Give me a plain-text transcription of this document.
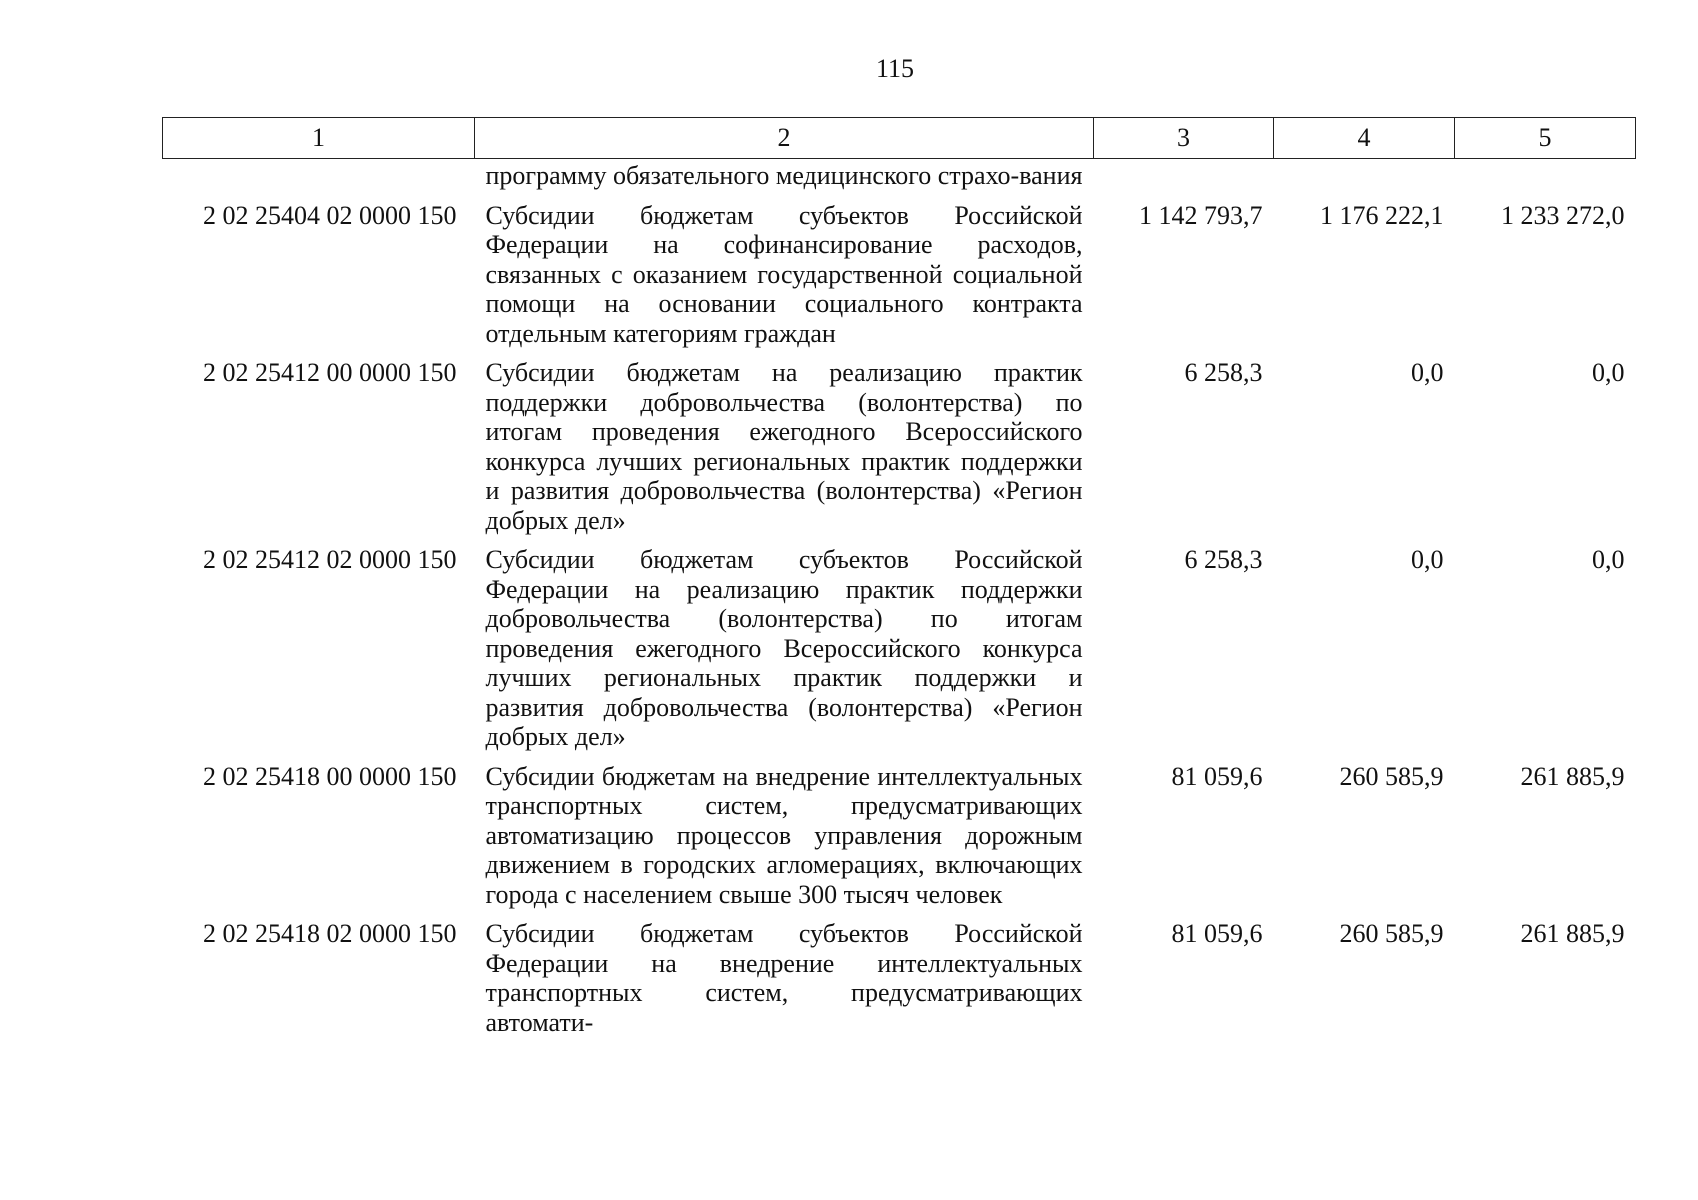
115
1	2	3	4	5
	программу обязательного медицинского страхо-вания			
2 02 25404 02 0000 150	Субсидии бюджетам субъектов Российской Федерации на софинансирование расходов, связанных с оказанием государственной социальной помощи на основании социального контракта отдельным категориям граждан	1 142 793,7	1 176 222,1	1 233 272,0
2 02 25412 00 0000 150	Субсидии бюджетам на реализацию практик поддержки добровольчества (волонтерства) по итогам проведения ежегодного Всероссийского конкурса лучших региональных практик поддержки и развития добровольчества (волонтерства) «Регион добрых дел»	6 258,3	0,0	0,0
2 02 25412 02 0000 150	Субсидии бюджетам субъектов Российской Федерации на реализацию практик поддержки добровольчества (волонтерства) по итогам проведения ежегодного Всероссийского конкурса лучших региональных практик поддержки и развития добровольчества (волонтерства) «Регион добрых дел»	6 258,3	0,0	0,0
2 02 25418 00 0000 150	Субсидии бюджетам на внедрение интеллектуальных транспортных систем, предусматривающих автоматизацию процессов управления дорожным движением в городских агломерациях, включающих города с населением свыше 300 тысяч человек	81 059,6	260 585,9	261 885,9
2 02 25418 02 0000 150	Субсидии бюджетам субъектов Российской Федерации на внедрение интеллектуальных транспортных систем, предусматривающих автомати-	81 059,6	260 585,9	261 885,9
